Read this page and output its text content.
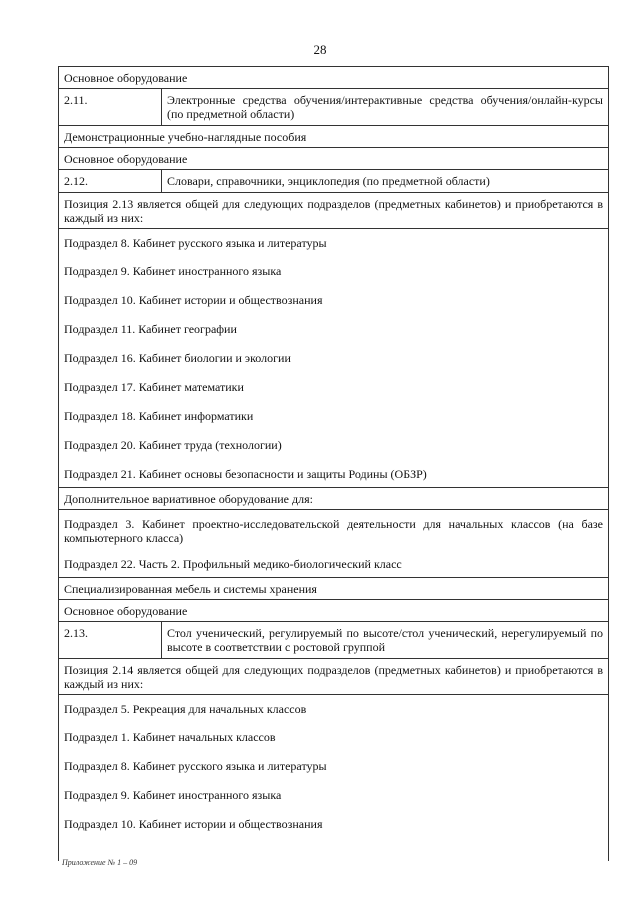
28
Основное оборудование
2.11.	Электронные средства обучения/интерактивные средства обучения/онлайн-курсы (по предметной области)
Демонстрационные учебно-наглядные пособия
Основное оборудование
2.12.	Словари, справочники, энциклопедия (по предметной области)
Позиция 2.13 является общей для следующих подразделов (предметных кабинетов) и приобретаются в каждый из них:
Подраздел 8. Кабинет русского языка и литературы
Подраздел 9. Кабинет иностранного языка
Подраздел 10. Кабинет истории и обществознания
Подраздел 11. Кабинет географии
Подраздел 16. Кабинет биологии и экологии
Подраздел 17. Кабинет математики
Подраздел 18. Кабинет информатики
Подраздел 20. Кабинет труда (технологии)
Подраздел 21. Кабинет основы безопасности и защиты Родины (ОБЗР)
Дополнительное вариативное оборудование для:
Подраздел 3. Кабинет проектно-исследовательской деятельности для начальных классов (на базе компьютерного класса)
Подраздел 22. Часть 2. Профильный медико-биологический класс
Специализированная мебель и системы хранения
Основное оборудование
2.13.	Стол ученический, регулируемый по высоте/стол ученический, нерегулируемый по высоте в соответствии с ростовой группой
Позиция 2.14 является общей для следующих подразделов (предметных кабинетов) и приобретаются в каждый из них:
Подраздел 5. Рекреация для начальных классов
Подраздел 1. Кабинет начальных классов
Подраздел 8. Кабинет русского языка и литературы
Подраздел 9. Кабинет иностранного языка
Подраздел 10. Кабинет истории и обществознания
Приложение № 1 – 09
